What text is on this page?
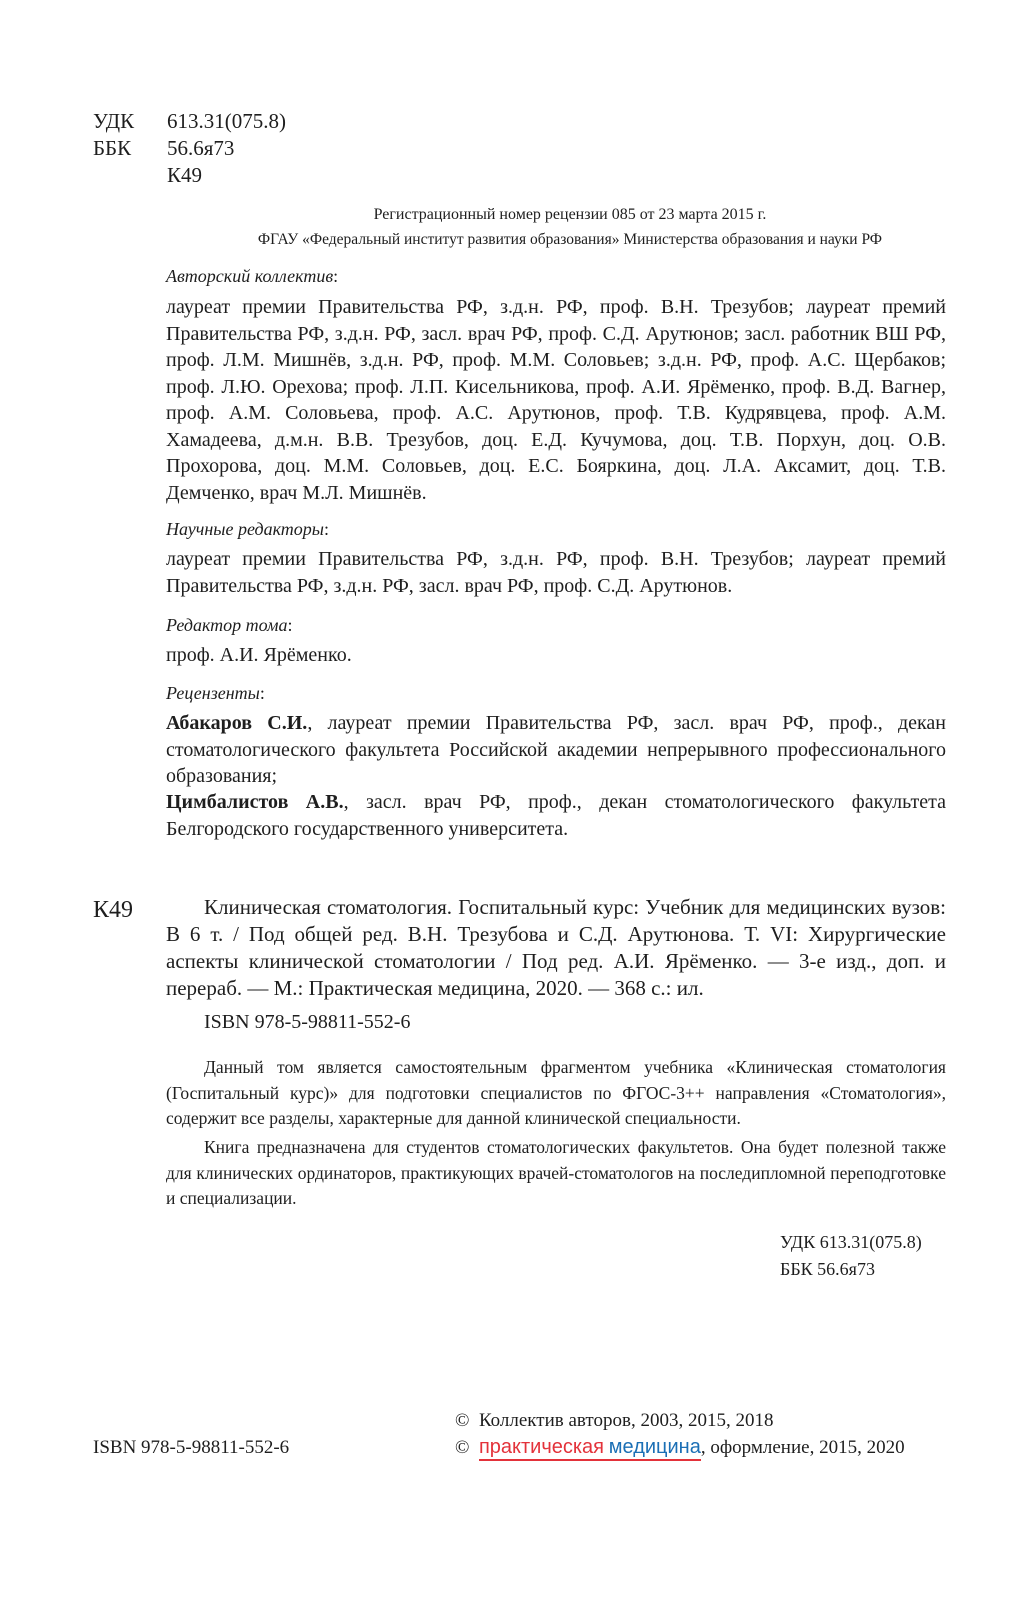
УДК	613.31(075.8)
ББК	56.6я73
К49
Регистрационный номер рецензии 085 от 23 марта 2015 г.
ФГАУ «Федеральный институт развития образования» Министерства образования и науки РФ
Авторский коллектив:
лауреат премии Правительства РФ, з.д.н. РФ, проф. В.Н. Трезубов; лауреат премий Правительства РФ, з.д.н. РФ, засл. врач РФ, проф. С.Д. Арутюнов; засл. работник ВШ РФ, проф. Л.М. Мишнёв, з.д.н. РФ, проф. М.М. Соловьев; з.д.н. РФ, проф. А.С. Щербаков; проф. Л.Ю. Орехова; проф. Л.П. Кисельникова, проф. А.И. Ярёменко, проф. В.Д. Вагнер, проф. А.М. Соловьева, проф. А.С. Арутюнов, проф. Т.В. Кудрявцева, проф. А.М. Хамадеева, д.м.н. В.В. Трезубов, доц. Е.Д. Кучумова, доц. Т.В. Порхун, доц. О.В. Прохорова, доц. М.М. Соловьев, доц. Е.С. Бояркина, доц. Л.А. Аксамит, доц. Т.В. Демченко, врач М.Л. Мишнёв.
Научные редакторы:
лауреат премии Правительства РФ, з.д.н. РФ, проф. В.Н. Трезубов; лауреат премий Правительства РФ, з.д.н. РФ, засл. врач РФ, проф. С.Д. Арутюнов.
Редактор тома:
проф. А.И. Ярёменко.
Рецензенты:
Абакаров С.И., лауреат премии Правительства РФ, засл. врач РФ, проф., декан стоматологического факультета Российской академии непрерывного профессионального образования;
Цимбалистов А.В., засл. врач РФ, проф., декан стоматологического факультета Белгородского государственного университета.
К49	Клиническая стоматология. Госпитальный курс: Учебник для медицинских вузов: В 6 т. / Под общей ред. В.Н. Трезубова и С.Д. Арутюнова. Т. VI: Хирургические аспекты клинической стоматологии / Под ред. А.И. Ярёменко. — 3-е изд., доп. и перераб. — М.: Практическая медицина, 2020. — 368 с.: ил.
ISBN 978-5-98811-552-6
Данный том является самостоятельным фрагментом учебника «Клиническая стоматология (Госпитальный курс)» для подготовки специалистов по ФГОС-3++ направления «Стоматология», содержит все разделы, характерные для данной клинической специальности.
Книга предназначена для студентов стоматологических факультетов. Она будет полезной также для клинических ординаторов, практикующих врачей-стоматологов на последипломной переподготовке и специализации.
УДК 613.31(075.8)
ББК 56.6я73
© Коллектив авторов, 2003, 2015, 2018
ISBN 978-5-98811-552-6	© практическая медицина, оформление, 2015, 2020
